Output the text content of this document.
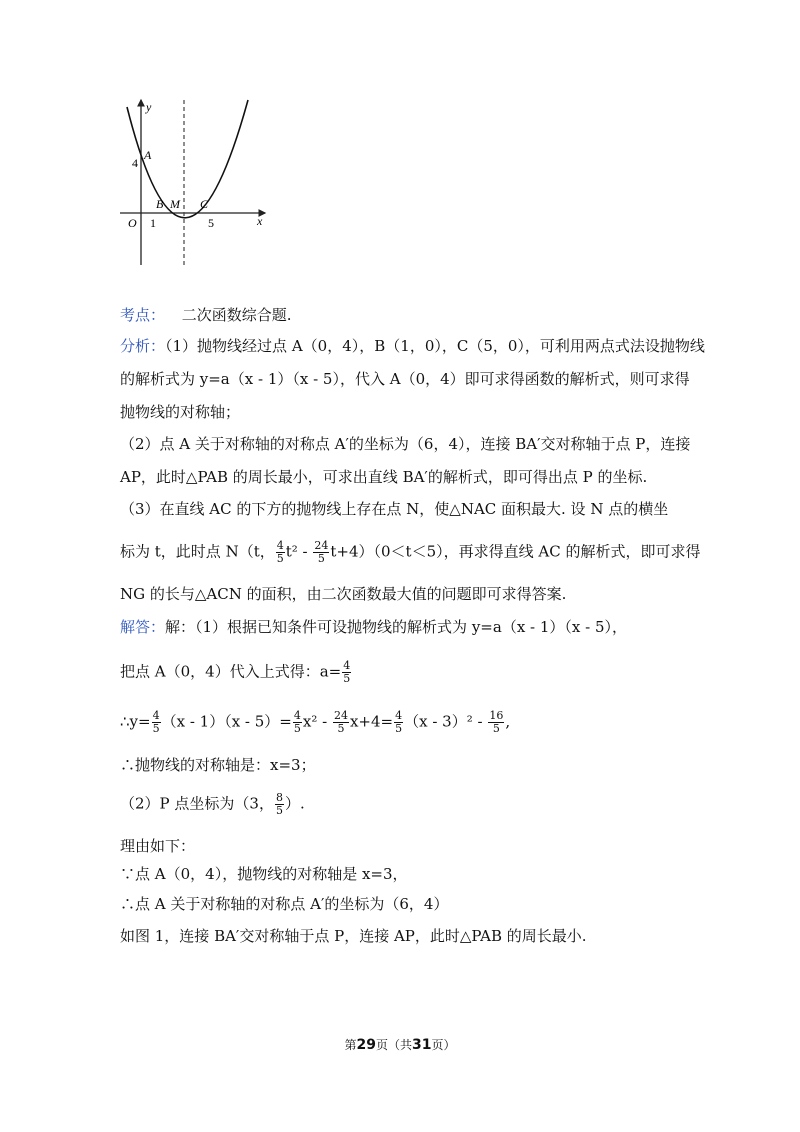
y
x
O
A
4
B M C
1	5
考点： 二次函数综合题.
分析：（1）抛物线经过点 A（0，4），B（1，0），C（5，0），可利用两点式法设抛物线
的解析式为 y=a（x - 1）（x - 5），代入 A（0，4）即可求得函数的解析式，则可求得
抛物线的对称轴；
（2）点 A 关于对称轴的对称点 A′的坐标为（6，4），连接 BA′交对称轴于点 P，连接
AP，此时△PAB 的周长最小，可求出直线 BA′的解析式，即可得出点 P 的坐标.
（3）在直线 AC 的下方的抛物线上存在点 N，使△NAC 面积最大. 设 N 点的横坐
标为 t，此时点 N（t， $\frac{4}{5} t^2 - \frac{24}{5} t+4)(0<t<5)$，再求得直线 AC 的解析式，即可求得
NG 的长与△ACN 的面积，由二次函数最大值的问题即可求得答案.
解答：解：（1）根据已知条件可设抛物线的解析式为 y=a（x - 1）（x - 5），
把点 A（0，4）代入上式得：$a= \frac{4}{5}$
∴y= $\frac{4}{5} (x - 1)(x - 5)= \frac{4}{5} x^2 - \frac{24}{5} x+4= \frac{4}{5} (x - 3)^2 - \frac{16}{5}$ ,
∴抛物线的对称轴是：x=3；
（2）P 点坐标为（3， $\frac{8}{5}$ ）.
理由如下：
∵点 A（0，4），抛物线的对称轴是 x=3，
∴点 A 关于对称轴的对称点 A′的坐标为（6，4）
如图 1，连接 BA′交对称轴于点 P，连接 AP，此时△PAB 的周长最小.
第29页（共31页）
